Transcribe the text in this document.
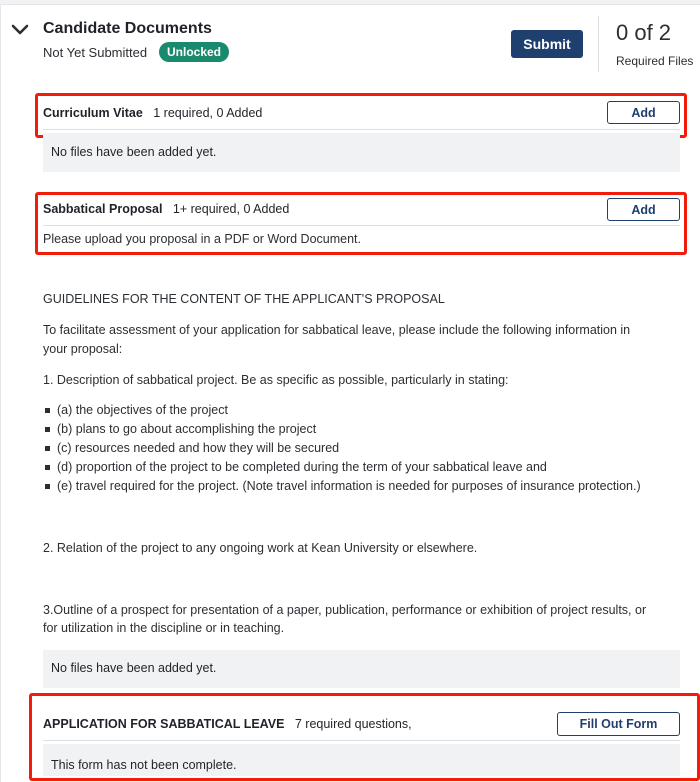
Candidate Documents
Not Yet Submitted	Unlocked	Submit	0 of 2
Required Files
Curriculum Vitae 1 required, 0 Added	Add
No files have been added yet.
Sabbatical Proposal 1+ required, 0 Added	Add
Please upload you proposal in a PDF or Word Document.
GUIDELINES FOR THE CONTENT OF THE APPLICANT'S PROPOSAL
To facilitate assessment of your application for sabbatical leave, please include the following information in
your proposal:
1. Description of sabbatical project. Be as specific as possible, particularly in stating:
(a) the objectives of the project
(b) plans to go about accomplishing the project
(c) resources needed and how they will be secured
(d) proportion of the project to be completed during the term of your sabbatical leave and
(e) travel required for the project. (Note travel information is needed for purposes of insurance protection.)
2. Relation of the project to any ongoing work at Kean University or elsewhere.
3.Outline of a prospect for presentation of a paper, publication, performance or exhibition of project results, or
for utilization in the discipline or in teaching.
No files have been added yet.
APPLICATION FOR SABBATICAL LEAVE 7 required questions,	Fill Out Form
This form has not been complete.
